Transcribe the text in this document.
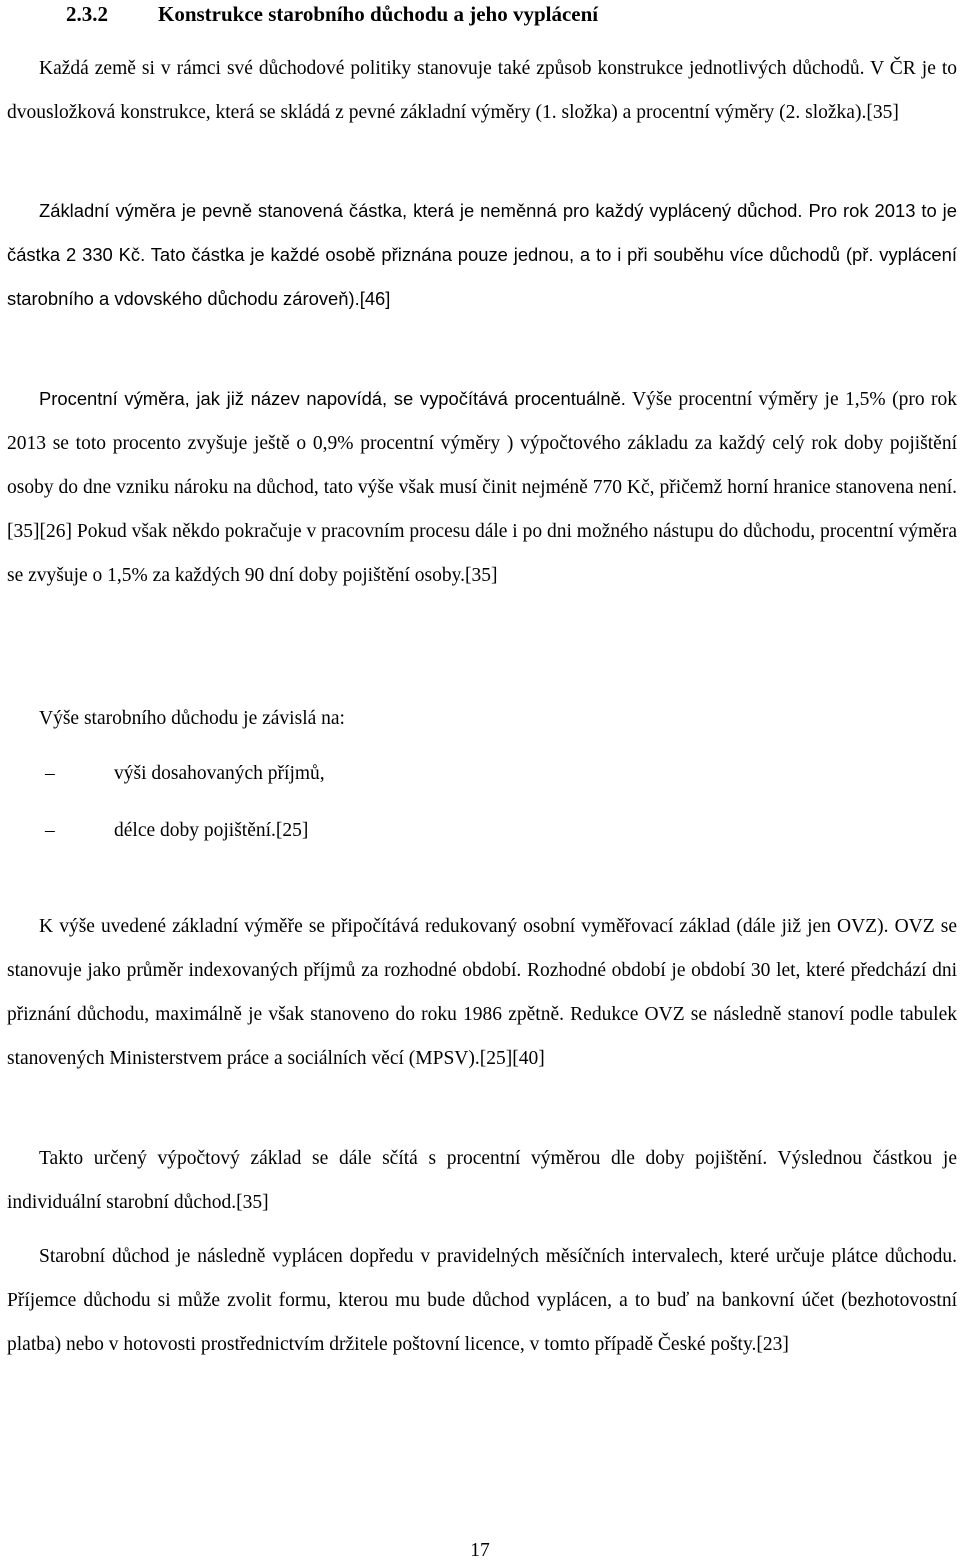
2.3.2 Konstrukce starobního důchodu a jeho vyplácení

Každá země si v rámci své důchodové politiky stanovuje také způsob konstrukce jednotlivých důchodů. V ČR je to dvousložková konstrukce, která se skládá z pevné základní výměry (1. složka) a procentní výměry (2. složka).[35]

Základní výměra je pevně stanovená částka, která je neměnná pro každý vyplácený důchod. Pro rok 2013 to je částka 2 330 Kč. Tato částka je každé osobě přiznána pouze jednou, a to i při souběhu více důchodů (př. vyplácení starobního a vdovského důchodu zároveň).[46]

Procentní výměra, jak již název napovídá, se vypočítává procentuálně. Výše procentní výměry je 1,5% (pro rok 2013 se toto procento zvyšuje ještě o 0,9% procentní výměry ) výpočtového základu za každý celý rok doby pojištění osoby do dne vzniku nároku na důchod, tato výše však musí činit nejméně 770 Kč, přičemž horní hranice stanovena není.[35][26] Pokud však někdo pokračuje v pracovním procesu dále i po dni možného nástupu do důchodu, procentní výměra se zvyšuje o 1,5% za každých 90 dní doby pojištění osoby.[35]

Výše starobního důchodu je závislá na:
–	výši dosahovaných příjmů,
–	délce doby pojištění.[25]

K výše uvedené základní výměře se připočítává redukovaný osobní vyměřovací základ (dále již jen OVZ). OVZ se stanovuje jako průměr indexovaných příjmů za rozhodné období. Rozhodné období je období 30 let, které předchází dni přiznání důchodu, maximálně je však stanoveno do roku 1986 zpětně. Redukce OVZ se následně stanoví podle tabulek stanovených Ministerstvem práce a sociálních věcí (MPSV).[25][40]

Takto určený výpočtový základ se dále sčítá s procentní výměrou dle doby pojištění. Výslednou částkou je individuální starobní důchod.[35]

Starobní důchod je následně vyplácen dopředu v pravidelných měsíčních intervalech, které určuje plátce důchodu. Příjemce důchodu si může zvolit formu, kterou mu bude důchod vyplácen, a to buď na bankovní účet (bezhotovostní platba) nebo v hotovosti prostřednictvím držitele poštovní licence, v tomto případě České pošty.[23]

17
